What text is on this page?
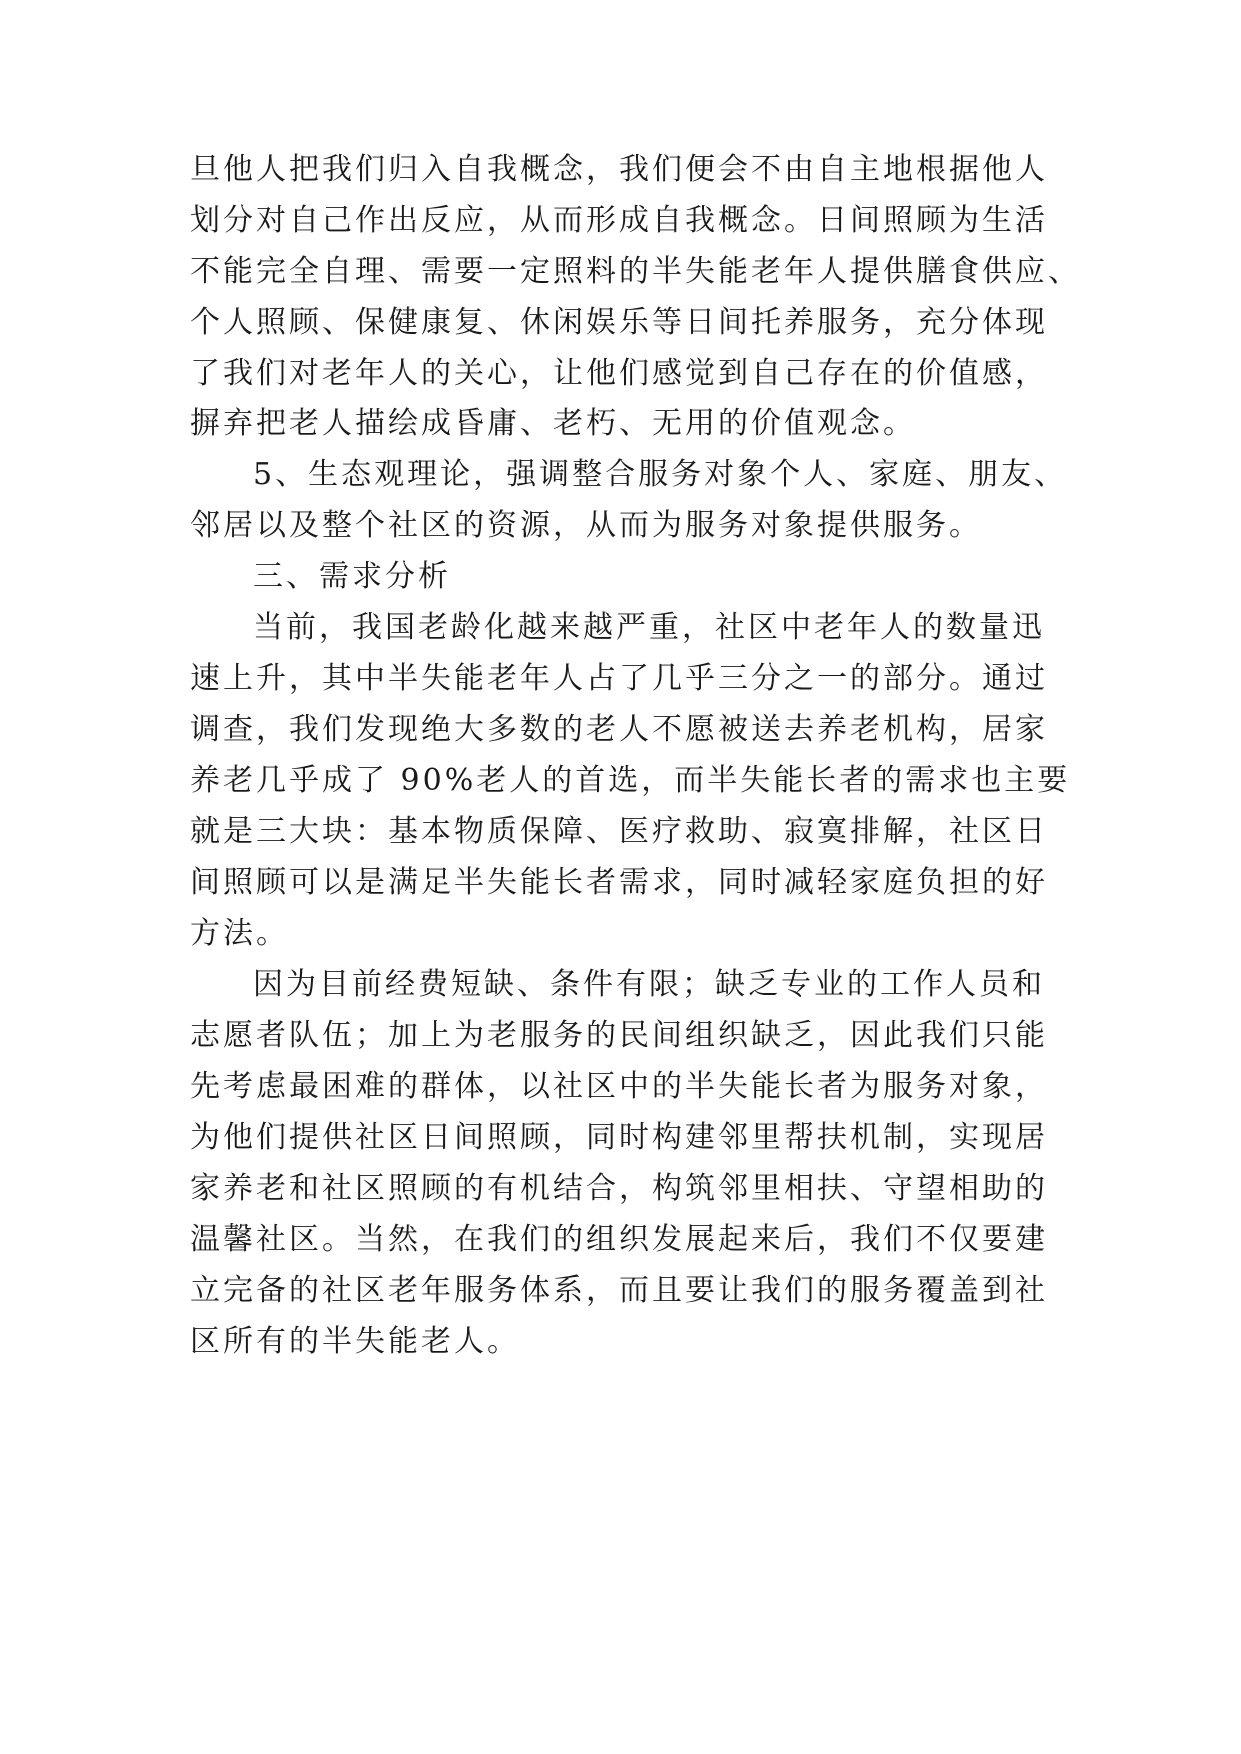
旦他人把我们归入自我概念，我们便会不由自主地根据他人
划分对自己作出反应，从而形成自我概念。日间照顾为生活
不能完全自理、需要一定照料的半失能老年人提供膳食供应、
个人照顾、保健康复、休闲娱乐等日间托养服务，充分体现
了我们对老年人的关心，让他们感觉到自己存在的价值感，
摒弃把老人描绘成昏庸、老朽、无用的价值观念。
5、生态观理论，强调整合服务对象个人、家庭、朋友、
邻居以及整个社区的资源，从而为服务对象提供服务。
三、需求分析
当前，我国老龄化越来越严重，社区中老年人的数量迅
速上升，其中半失能老年人占了几乎三分之一的部分。通过
调查，我们发现绝大多数的老人不愿被送去养老机构，居家
养老几乎成了 90%老人的首选，而半失能长者的需求也主要
就是三大块：基本物质保障、医疗救助、寂寞排解，社区日
间照顾可以是满足半失能长者需求，同时减轻家庭负担的好
方法。
因为目前经费短缺、条件有限；缺乏专业的工作人员和
志愿者队伍；加上为老服务的民间组织缺乏，因此我们只能
先考虑最困难的群体，以社区中的半失能长者为服务对象，
为他们提供社区日间照顾，同时构建邻里帮扶机制，实现居
家养老和社区照顾的有机结合，构筑邻里相扶、守望相助的
温馨社区。当然，在我们的组织发展起来后，我们不仅要建
立完备的社区老年服务体系，而且要让我们的服务覆盖到社
区所有的半失能老人。
